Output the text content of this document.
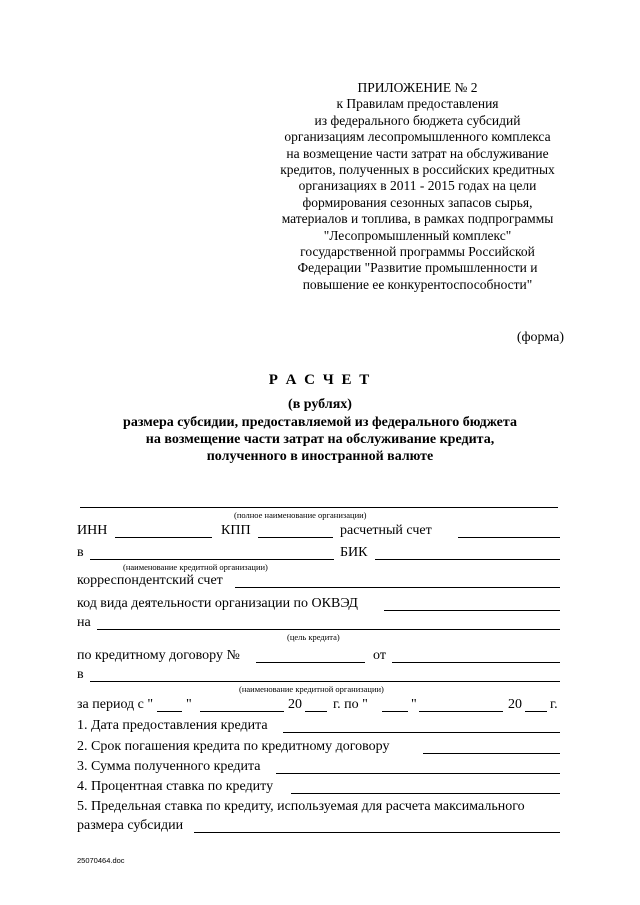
ПРИЛОЖЕНИЕ № 2
к Правилам предоставления
из федерального бюджета субсидий
организациям лесопромышленного комплекса
на возмещение части затрат на обслуживание
кредитов, полученных в российских кредитных
организациях в 2011 - 2015 годах на цели
формирования сезонных запасов сырья,
материалов и топлива, в рамках подпрограммы
"Лесопромышленный комплекс"
государственной программы Российской
Федерации "Развитие промышленности и
повышение ее конкурентоспособности"
(форма)
Р А С Ч Е Т
(в рублях)
размера субсидии, предоставляемой из федерального бюджета
на возмещение части затрат на обслуживание кредита,
полученного в иностранной валюте
(полное наименование организации)
ИНН	КПП	расчетный счет
в	БИК
(наименование кредитной организации)
корреспондентский счет
код вида деятельности организации по ОКВЭД
на
(цель кредита)
по кредитному договору №	от
в
(наименование кредитной организации)
за период с " "	20 г. по "	"	20 г.
1. Дата предоставления кредита
2. Срок погашения кредита по кредитному договору
3. Сумма полученного кредита
4. Процентная ставка по кредиту
5. Предельная ставка по кредиту, используемая для расчета максимального
размера субсидии
25070464.doc
